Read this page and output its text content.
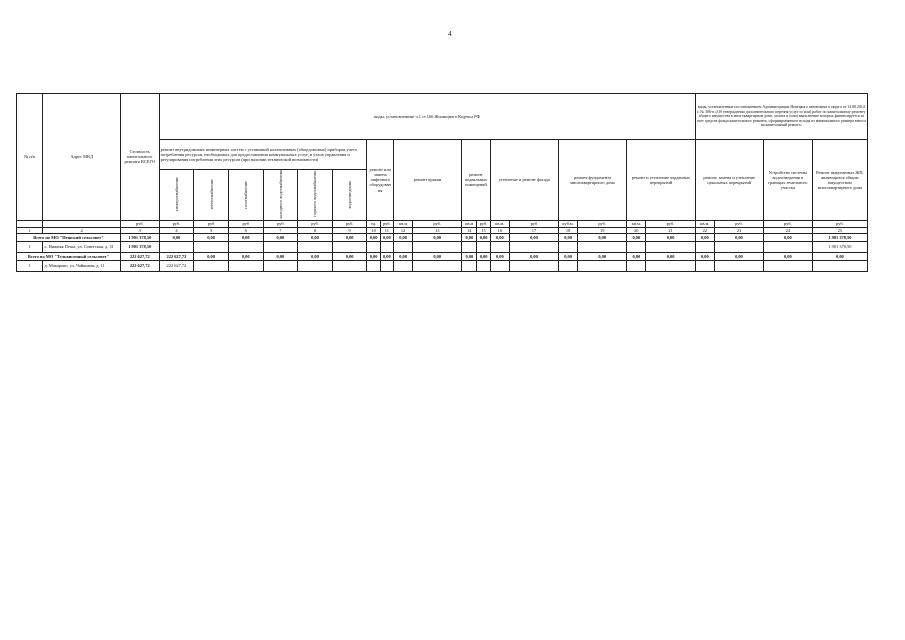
4
№ п/п	Адрес МКД	Стоимость капитального ремонта ВСЕГО	виды, установленные ч.1 ст.166 Жилищного Кодекса РФ																		виды, установленные постановлением Администрации Ненецкого автономного округа от 14.08.2014 г. № 306-п «Об утверждении дополнительного перечня услуг и (или) работ по капитальному ремонту общего имущества в многоквартирном доме, оплата и (или) выполнение которых финансируется за счет средств фонда капитального ремонта, сформированного исходя из минимального размера взноса на капитальный ремонт»			
			ремонт внутридомовых инженерных систем с установкой коллективных (общедомовых) приборов учета потребления ресурсов, необходимых для предоставления коммунальных услуг, и узлов управления и регулирования потребления этих ресурсов (при наличии технической возможности)						ремонт или замена лифтового оборудования		ремонт крыши		ремонт подвальных помещений		утепление и ремонт фасада		ремонт фундамента многоквартирного дома		ремонт и утепление чердачных перекрытий		ремонт, замена и утепление цокольных перекрытий		Устройство системы водоотведения в границах земельного участка	Ремонт выкупаемых ЖП, являющихся общим имуществом многоквартирного дома
			электроснабжение	теплоснабжение	газоснабжение	холодного водоснабжения	горячего водоснабжения	водоотведения																
		руб.	руб.	руб	руб	руб	руб.	руб.	ед.	руб.	кв.м	руб.	кв.м	руб.	кв.м.	руб	куб.м.	руб.	кв.м.	руб.	кв.м.	руб.	руб.	руб.
1	2	3	4	5	6	7	8	9	10	11	12	13	14	15	16	17	18	19	20	21	22	23	24	25
Всего по МО "Пешский сельсовет"		1 901 378,50	0,00	0,00	0,00	0,00	0,00	0,00	0,00	0,00	0,00	0,00	0,00	0,00	0,00	0,00	0,00	0,00	0,00	0,00	0,00	0,00	0,00	1 901 378,50
1	с. Нижняя Пеша, ул. Советская, д. 31	1 901 378,50																						1 901 378,50
Всего по МО "Тельвисочный сельсовет"		222 627,72	222 627,72	0,00	0,00	0,00	0,00	0,00	0,00	0,00	0,00	0,00	0,00	0,00	0,00	0,00	0,00	0,00	0,00	0,00	0,00	0,00	0,00	0,00
1	д. Макарово, ул. Чайкиная, д. 11	222 627,72	222 627,72																					
